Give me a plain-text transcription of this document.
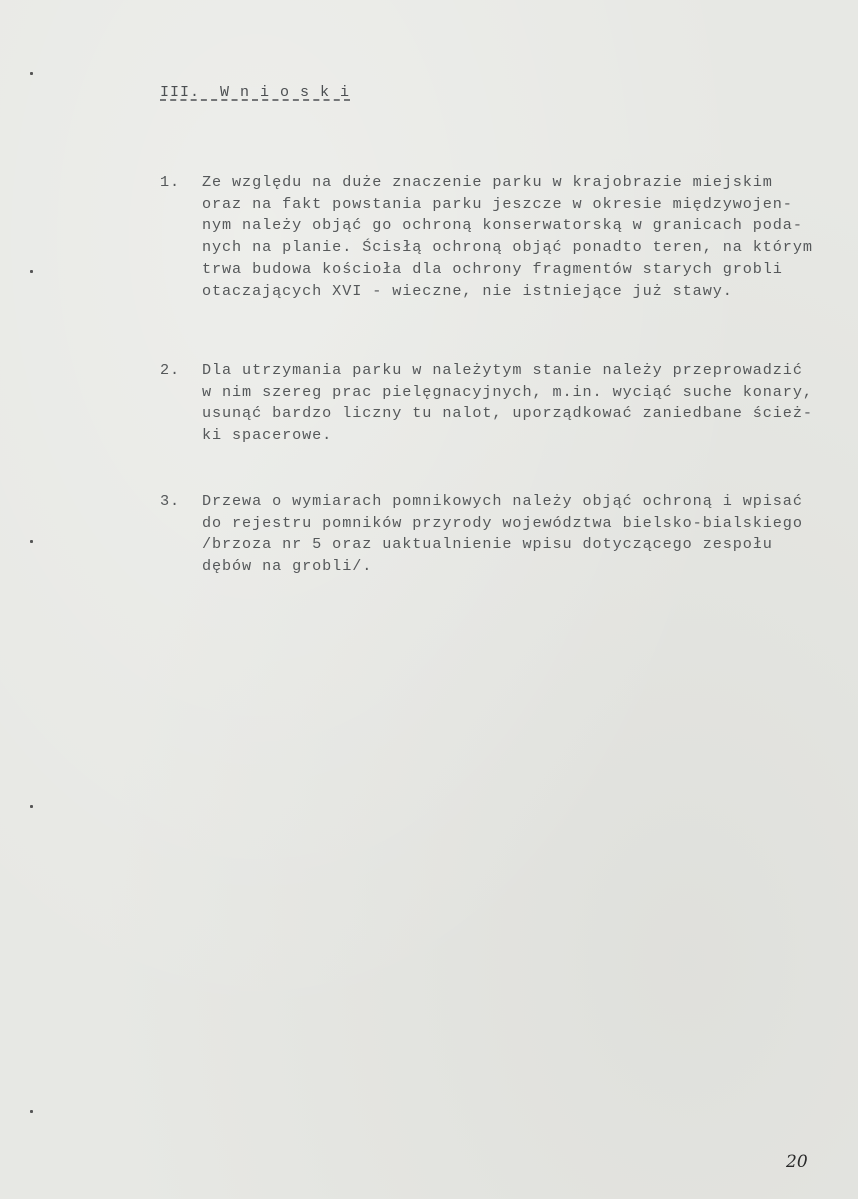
III.  W n i o s k i
1.	Ze względu na duże znaczenie parku w krajobrazie miejskim
oraz na fakt powstania parku jeszcze w okresie międzywojen-
nym należy objąć go ochroną konserwatorską w granicach poda-
nych na planie. Ścisłą ochroną objąć ponadto teren, na którym
trwa budowa kościoła dla ochrony fragmentów starych grobli
otaczających XVI - wieczne, nie istniejące już stawy.
2.	Dla utrzymania parku w należytym stanie należy przeprowadzić
w nim szereg prac pielęgnacyjnych, m.in. wyciąć suche konary,
usunąć bardzo liczny tu nalot, uporządkować zaniedbane ścież-
ki spacerowe.
3.	Drzewa o wymiarach pomnikowych należy objąć ochroną i wpisać
do rejestru pomników przyrody województwa bielsko-bialskiego
/brzoza nr 5 oraz uaktualnienie wpisu dotyczącego zespołu
dębów na grobli/.
20
